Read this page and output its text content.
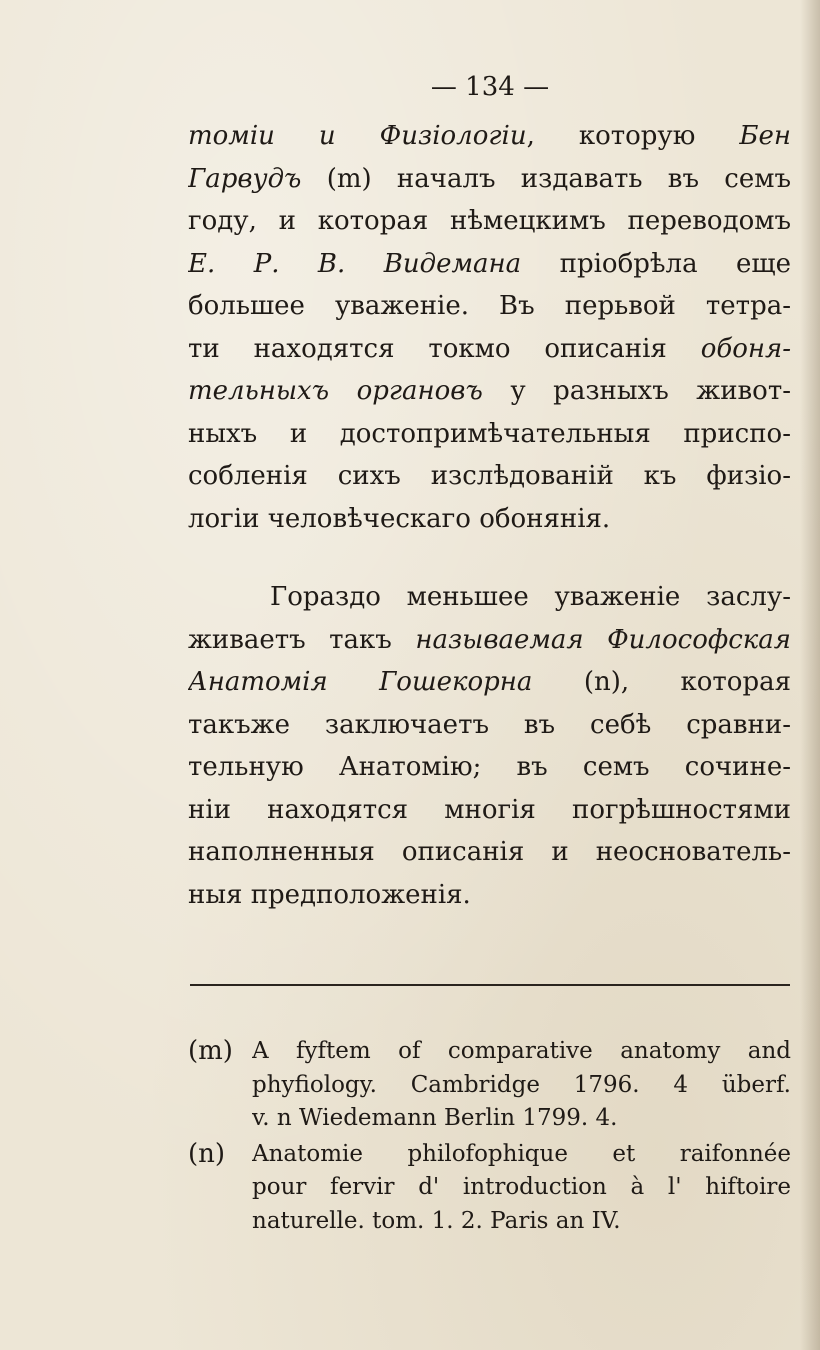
— 134 —
томіи и Физіологіи, которую Бен
Гарвудъ (m) началъ издавать въ семъ
году, и которая нѣмецкимъ переводомъ
Е. Р. В. Видемана пріобрѣла еще
большее уваженіе. Въ перьвой тетра-
ти находятся токмо описанія обоня-
тельныхъ органовъ у разныхъ живот-
ныхъ и достопримѣчательныя приспо-
собленія сихъ изслѣдованій къ физіо-
логіи человѣческаго обонянія.
Гораздо меньшее уваженіе заслу-
живаетъ такъ называемая Философская
Анатомія Гошекорна (n), которая
такъже заключаетъ въ себѣ сравни-
тельную Анатомію; въ семъ сочине-
ніи находятся многія погрѣшностями
наполненныя описанія и неоснователь-
ныя предположенія.
(m) A fyftem of comparative anatomy and
phyfiology. Cambridge 1796. 4 überf.
v. n Wiedemann Berlin 1799. 4.
(n)	Anatomie philofophique et raifonnée
pour fervir d' introduction à l' hiftoire
naturelle. tom. 1. 2. Paris an IV.
